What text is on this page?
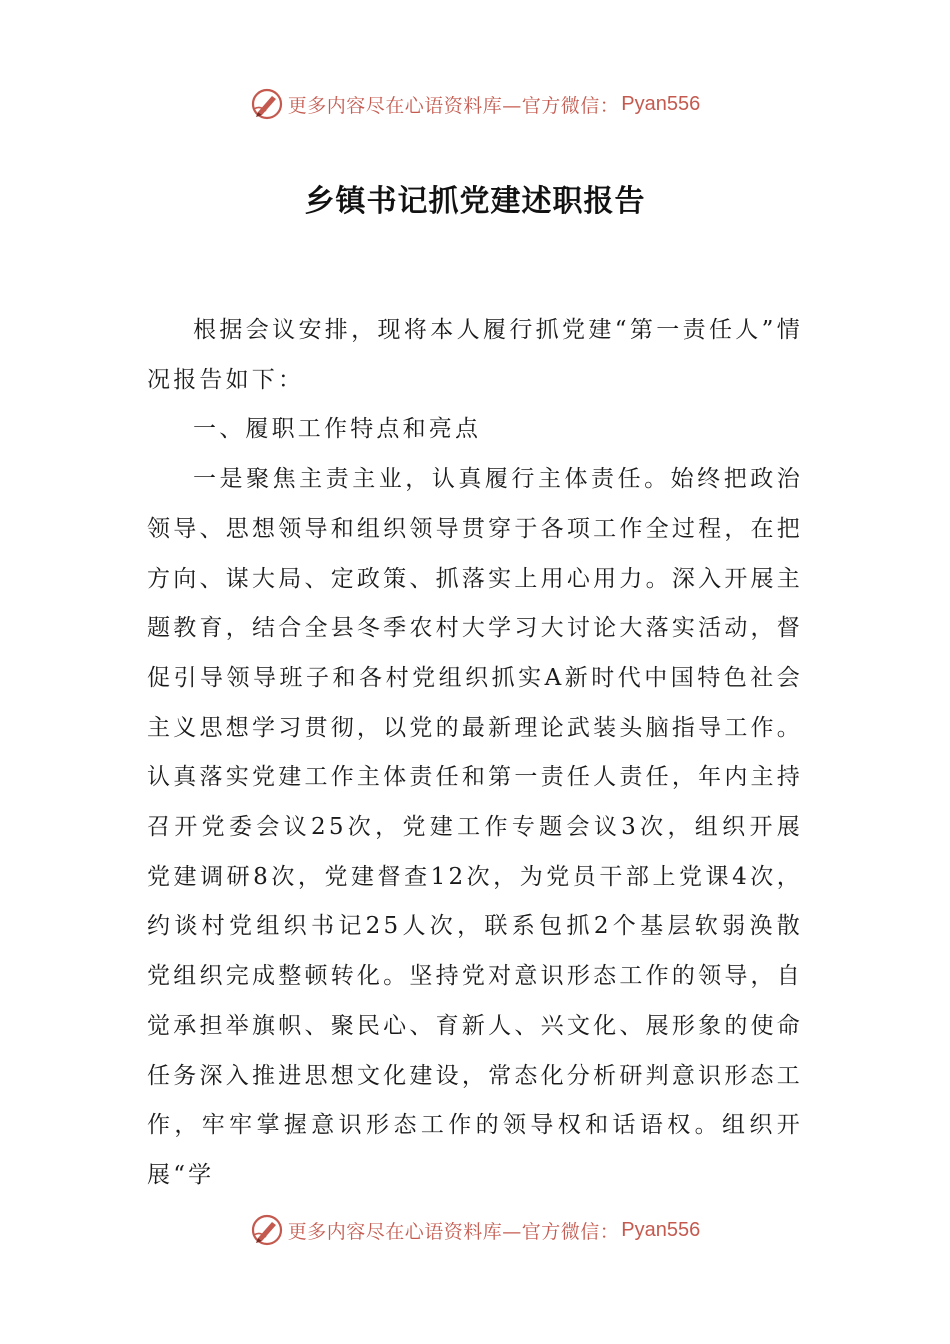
更多内容尽在心语资料库—官方微信： Pyan556
乡镇书记抓党建述职报告

根据会议安排，现将本人履行抓党建“第一责任人”情况报告如下：

一、履职工作特点和亮点

一是聚焦主责主业，认真履行主体责任。始终把政治领导、思想领导和组织领导贯穿于各项工作全过程，在把方向、谋大局、定政策、抓落实上用心用力。深入开展主题教育，结合全县冬季农村大学习大讨论大落实活动，督促引导领导班子和各村党组织抓实A新时代中国特色社会主义思想学习贯彻，以党的最新理论武装头脑指导工作。认真落实党建工作主体责任和第一责任人责任，年内主持召开党委会议25次，党建工作专题会议3次，组织开展党建调研8次，党建督查12次，为党员干部上党课4次，约谈村党组织书记25人次，联系包抓2个基层软弱涣散党组织完成整顿转化。坚持党对意识形态工作的领导，自觉承担举旗帜、聚民心、育新人、兴文化、展形象的使命任务深入推进思想文化建设，常态化分析研判意识形态工作，牢牢掌握意识形态工作的领导权和话语权。组织开展“学

更多内容尽在心语资料库—官方微信： Pyan556
